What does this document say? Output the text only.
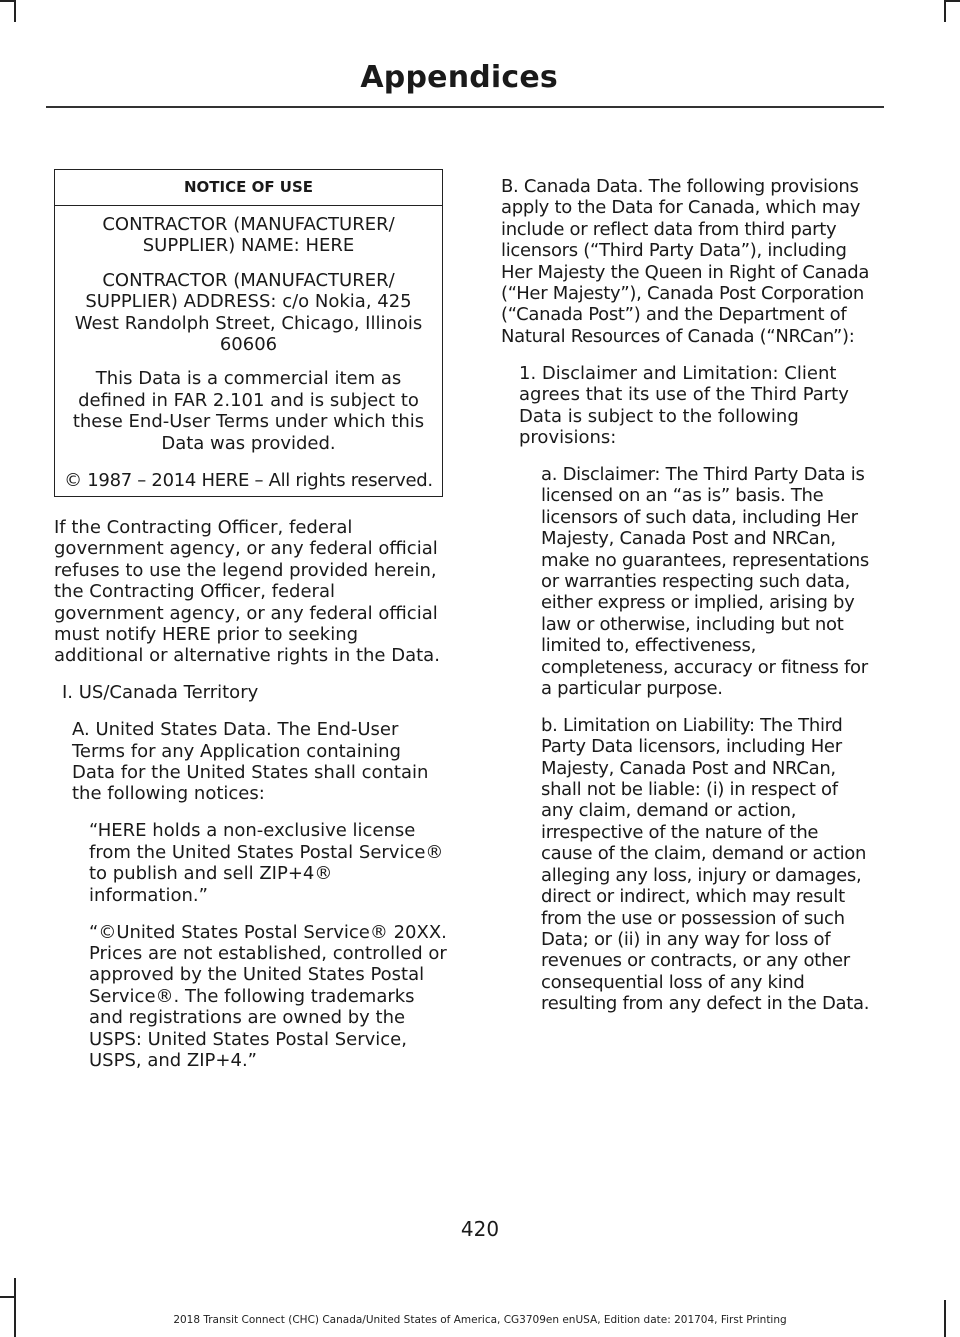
Appendices
NOTICE OF USE

CONTRACTOR (MANUFACTURER/ SUPPLIER) NAME: HERE

CONTRACTOR (MANUFACTURER/ SUPPLIER) ADDRESS: c/o Nokia, 425 West Randolph Street, Chicago, Illinois 60606

This Data is a commercial item as defined in FAR 2.101 and is subject to these End-User Terms under which this Data was provided.

© 1987 – 2014 HERE – All rights reserved.

If the Contracting Officer, federal government agency, or any federal official refuses to use the legend provided herein, the Contracting Officer, federal government agency, or any federal official must notify HERE prior to seeking additional or alternative rights in the Data.

I. US/Canada Territory

A. United States Data. The End-User Terms for any Application containing Data for the United States shall contain the following notices:

“HERE holds a non-exclusive license from the United States Postal Service® to publish and sell ZIP+4® information.”

“©United States Postal Service® 20XX. Prices are not established, controlled or approved by the United States Postal Service®. The following trademarks and registrations are owned by the USPS: United States Postal Service, USPS, and ZIP+4.”

B. Canada Data. The following provisions apply to the Data for Canada, which may include or reflect data from third party licensors (“Third Party Data”), including Her Majesty the Queen in Right of Canada (“Her Majesty”), Canada Post Corporation (“Canada Post”) and the Department of Natural Resources of Canada (“NRCan”):

1. Disclaimer and Limitation: Client agrees that its use of the Third Party Data is subject to the following provisions:

a. Disclaimer: The Third Party Data is licensed on an “as is” basis. The licensors of such data, including Her Majesty, Canada Post and NRCan, make no guarantees, representations or warranties respecting such data, either express or implied, arising by law or otherwise, including but not limited to, effectiveness, completeness, accuracy or fitness for a particular purpose.

b. Limitation on Liability: The Third Party Data licensors, including Her Majesty, Canada Post and NRCan, shall not be liable: (i) in respect of any claim, demand or action, irrespective of the nature of the cause of the claim, demand or action alleging any loss, injury or damages, direct or indirect, which may result from the use or possession of such Data; or (ii) in any way for loss of revenues or contracts, or any other consequential loss of any kind resulting from any defect in the Data.

420
2018 Transit Connect (CHC) Canada/United States of America, CG3709en enUSA, Edition date: 201704, First Printing
